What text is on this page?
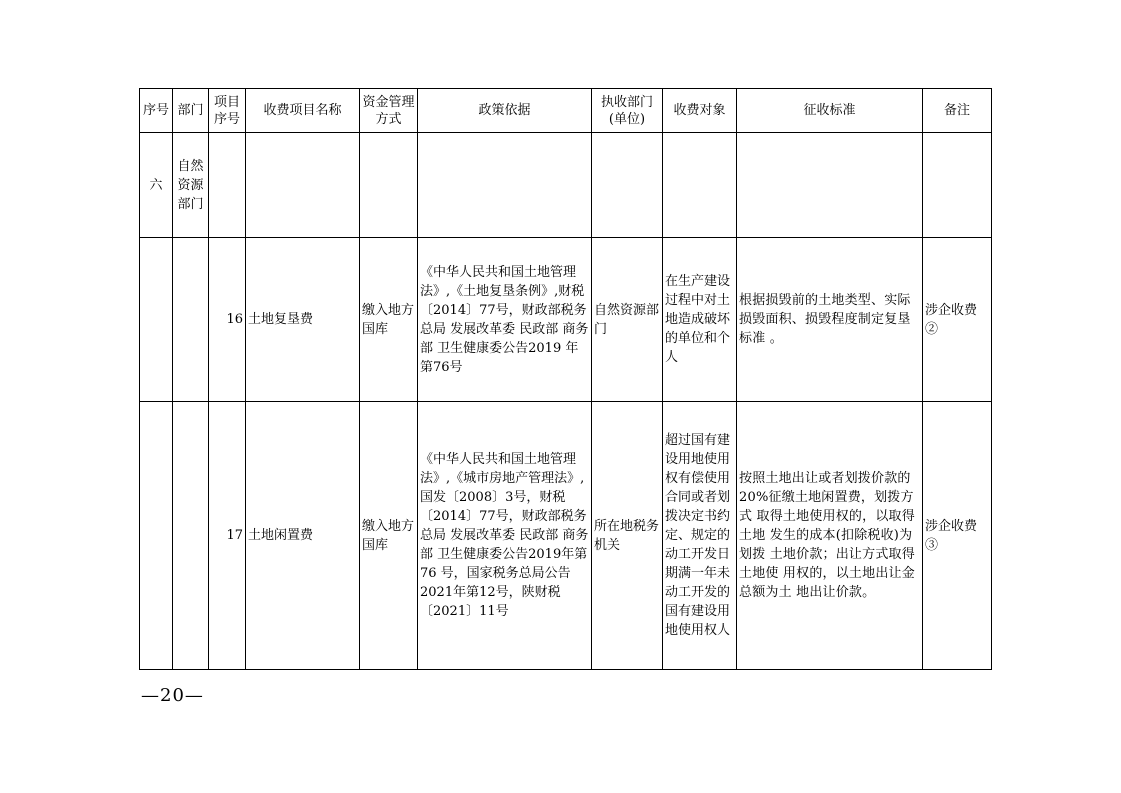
序号	部门	项目序号	收费项目名称	资金管理方式	政策依据	执收部门(单位)	收费对象	征收标准	备注
六	自然资源部门								
		16	土地复垦费	缴入地方国库	《中华人民共和国土地管理法》,《土地复垦条例》,财税〔2014〕77号，财政部税务总局 发展改革委 民政部 商务部 卫生健康委公告2019 年第76号	自然资源部门	在生产建设过程中对土地造成破坏的单位和个人	根据损毁前的土地类型、实际损毁面积、损毁程度制定复垦标准 。	涉企收费②
		17	土地闲置费	缴入地方国库	《中华人民共和国土地管理法》,《城市房地产管理法》, 国发〔2008〕3号，财税〔2014〕77号，财政部税务总局 发展改革委 民政部 商务部 卫生健康委公告2019年第76 号，国家税务总局公告2021年第12号，陕财税〔2021〕11号	所在地税务机关	超过国有建设用地使用权有偿使用合同或者划拨决定书约定、规定的动工开发日期满一年未动工开发的国有建设用地使用权人	按照土地出让或者划拨价款的20%征缴土地闲置费，划拨方式 取得土地使用权的，以取得土地 发生的成本(扣除税收)为划拨 土地价款；出让方式取得土地使 用权的，以土地出让金总额为土 地出让价款。	涉企收费③
—20—
